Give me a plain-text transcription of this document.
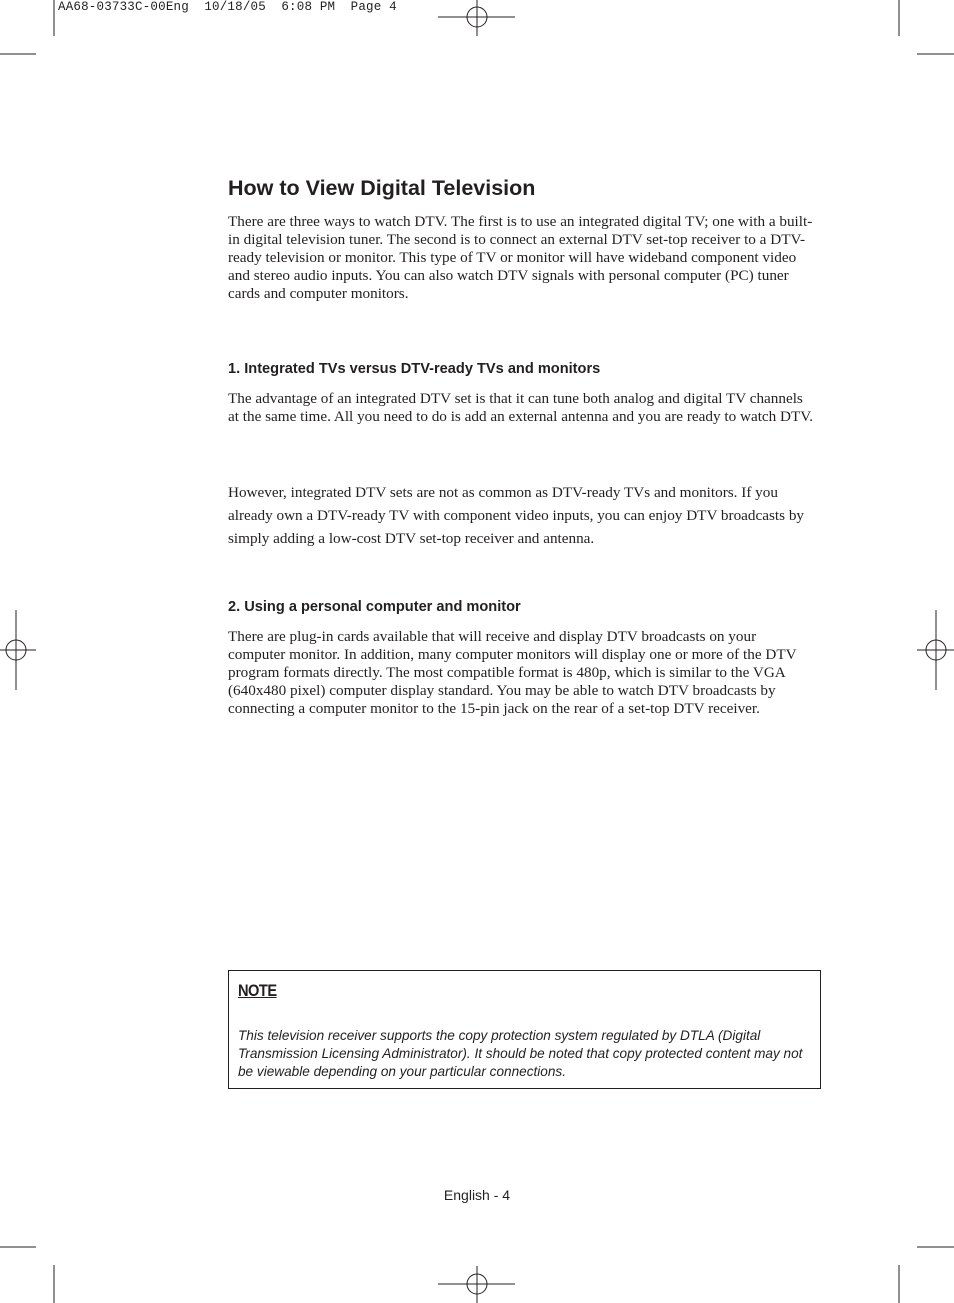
AA68-03733C-00Eng  10/18/05  6:08 PM  Page 4
How to View Digital Television

There are three ways to watch DTV. The first is to use an integrated digital TV; one with a built-in digital television tuner. The second is to connect an external DTV set-top receiver to a DTV-ready television or monitor. This type of TV or monitor will have wideband component video and stereo audio inputs. You can also watch DTV signals with personal computer (PC) tuner cards and computer monitors.

1. Integrated TVs versus DTV-ready TVs and monitors

The advantage of an integrated DTV set is that it can tune both analog and digital TV channels at the same time. All you need to do is add an external antenna and you are ready to watch DTV.

However, integrated DTV sets are not as common as DTV-ready TVs and monitors. If you already own a DTV-ready TV with component video inputs, you can enjoy DTV broadcasts by simply adding a low-cost DTV set-top receiver and antenna.

2. Using a personal computer and monitor

There are plug-in cards available that will receive and display DTV broadcasts on your computer monitor. In addition, many computer monitors will display one or more of the DTV program formats directly. The most compatible format is 480p, which is similar to the VGA (640x480 pixel) computer display standard. You may be able to watch DTV broadcasts by connecting a computer monitor to the 15-pin jack on the rear of a set-top DTV receiver.

NOTE

This television receiver supports the copy protection system regulated by DTLA (Digital Transmission Licensing Administrator). It should be noted that copy protected content may not be viewable depending on your particular connections.

English - 4
